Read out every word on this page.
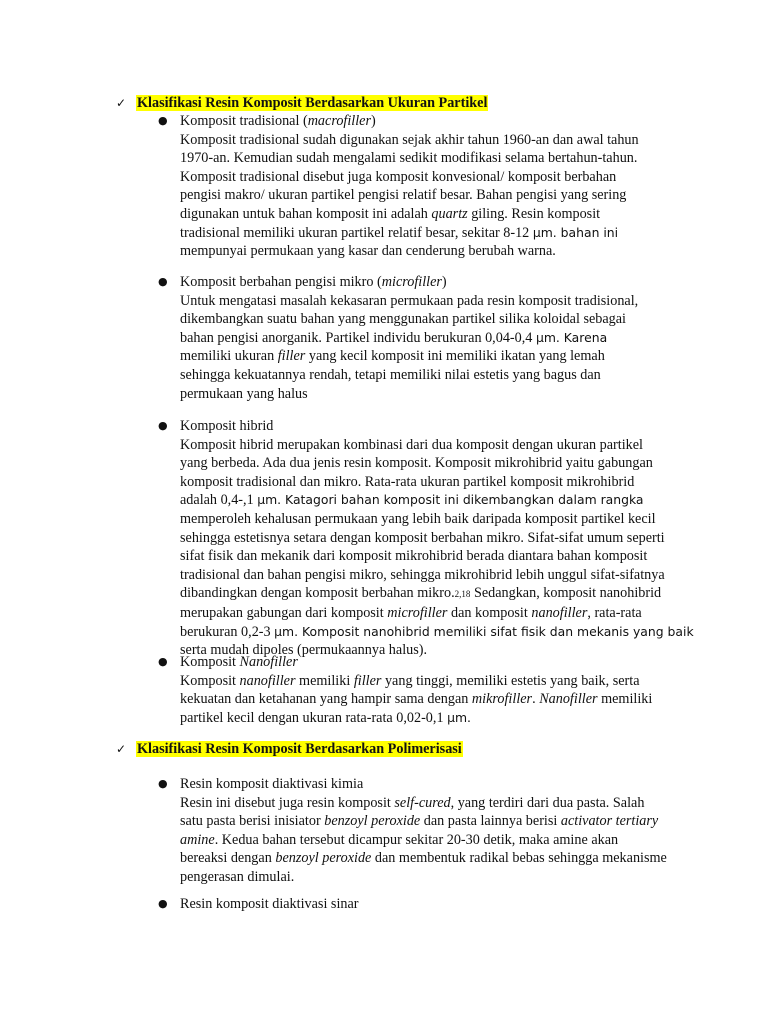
✓ Klasifikasi Resin Komposit Berdasarkan Ukuran Partikel
● Komposit tradisional (macrofiller)
Komposit tradisional sudah digunakan sejak akhir tahun 1960-an dan awal tahun
1970-an. Kemudian sudah mengalami sedikit modifikasi selama bertahun-tahun.
Komposit tradisional disebut juga komposit konvesional/ komposit berbahan
pengisi makro/ ukuran partikel pengisi relatif besar. Bahan pengisi yang sering
digunakan untuk bahan komposit ini adalah quartz giling. Resin komposit
tradisional memiliki ukuran partikel relatif besar, sekitar 8-12 µm. bahan ini
mempunyai permukaan yang kasar dan cenderung berubah warna.
● Komposit berbahan pengisi mikro (microfiller)
Untuk mengatasi masalah kekasaran permukaan pada resin komposit tradisional,
dikembangkan suatu bahan yang menggunakan partikel silika koloidal sebagai
bahan pengisi anorganik. Partikel individu berukuran 0,04-0,4 µm. Karena
memiliki ukuran filler yang kecil komposit ini memiliki ikatan yang lemah
sehingga kekuatannya rendah, tetapi memiliki nilai estetis yang bagus dan
permukaan yang halus
● Komposit hibrid
Komposit hibrid merupakan kombinasi dari dua komposit dengan ukuran partikel
yang berbeda. Ada dua jenis resin komposit. Komposit mikrohibrid yaitu gabungan
komposit tradisional dan mikro. Rata-rata ukuran partikel komposit mikrohibrid
adalah 0,4-,1 µm. Katagori bahan komposit ini dikembangkan dalam rangka
memperoleh kehalusan permukaan yang lebih baik daripada komposit partikel kecil
sehingga estetisnya setara dengan komposit berbahan mikro. Sifat-sifat umum seperti
sifat fisik dan mekanik dari komposit mikrohibrid berada diantara bahan komposit
tradisional dan bahan pengisi mikro, sehingga mikrohibrid lebih unggul sifat-sifatnya
dibandingkan dengan komposit berbahan mikro.2,18 Sedangkan, komposit nanohibrid
merupakan gabungan dari komposit microfiller dan komposit nanofiller, rata-rata
berukuran 0,2-3 µm. Komposit nanohibrid memiliki sifat fisik dan mekanis yang baik
serta mudah dipoles (permukaannya halus).
● Komposit Nanofiller
Komposit nanofiller memiliki filler yang tinggi, memiliki estetis yang baik, serta
kekuatan dan ketahanan yang hampir sama dengan mikrofiller. Nanofiller memiliki
partikel kecil dengan ukuran rata-rata 0,02-0,1 µm.
✓ Klasifikasi Resin Komposit Berdasarkan Polimerisasi
● Resin komposit diaktivasi kimia
Resin ini disebut juga resin komposit self-cured, yang terdiri dari dua pasta. Salah
satu pasta berisi inisiator benzoyl peroxide dan pasta lainnya berisi activator tertiary
amine. Kedua bahan tersebut dicampur sekitar 20-30 detik, maka amine akan
bereaksi dengan benzoyl peroxide dan membentuk radikal bebas sehingga mekanisme
pengerasan dimulai.
● Resin komposit diaktivasi sinar
